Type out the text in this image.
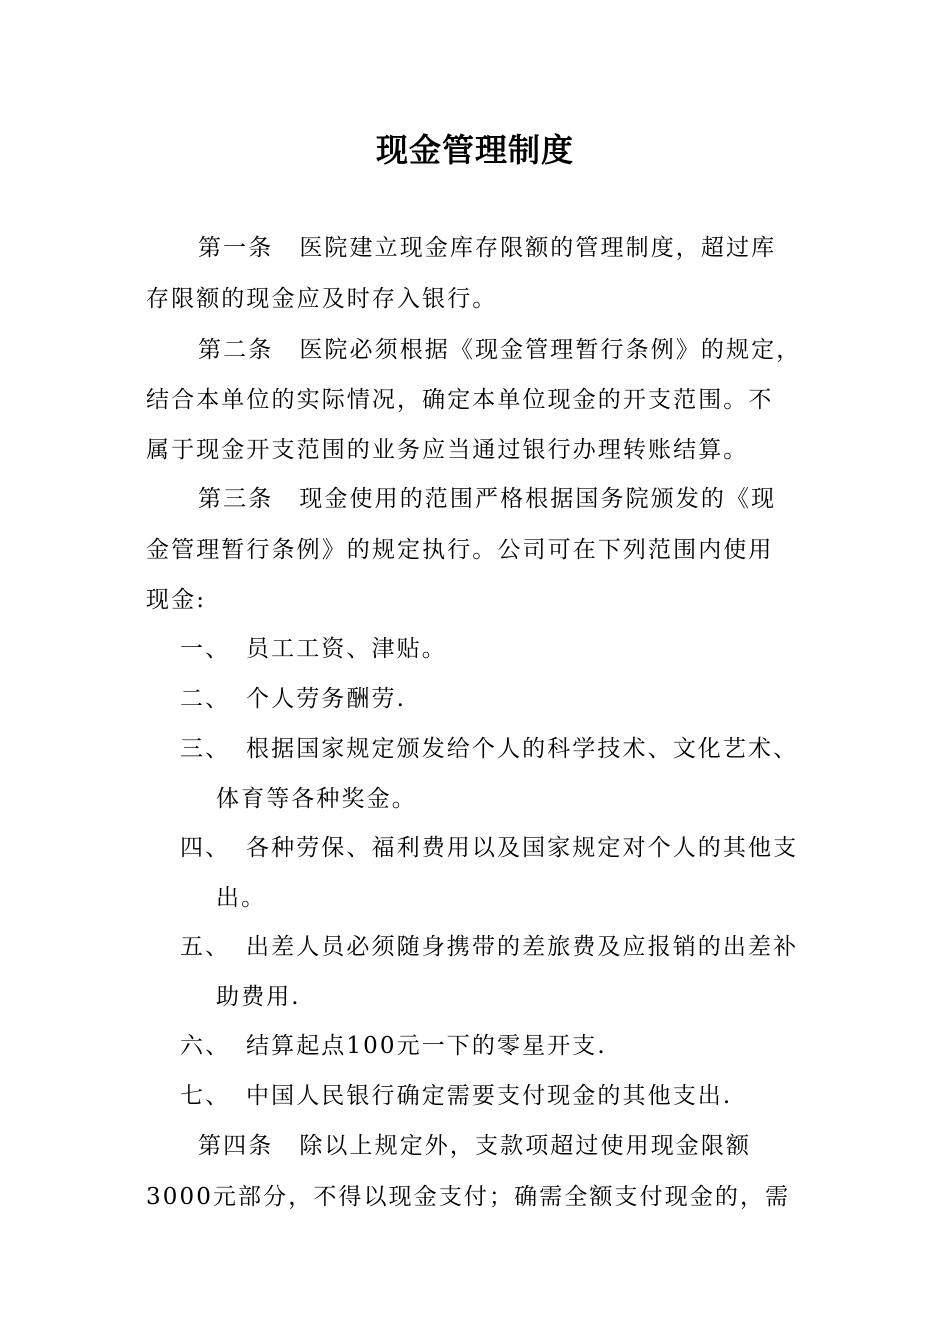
现金管理制度
第一条 医院建立现金库存限额的管理制度，超过库
存限额的现金应及时存入银行。
第二条 医院必须根据《现金管理暂行条例》的规定，
结合本单位的实际情况，确定本单位现金的开支范围。不
属于现金开支范围的业务应当通过银行办理转账结算。
第三条 现金使用的范围严格根据国务院颁发的《现
金管理暂行条例》的规定执行。公司可在下列范围内使用
现金:
一、 员工工资、津贴。
二、 个人劳务酬劳.
三、 根据国家规定颁发给个人的科学技术、文化艺术、
体育等各种奖金。
四、 各种劳保、福利费用以及国家规定对个人的其他支
出。
五、 出差人员必须随身携带的差旅费及应报销的出差补
助费用.
六、 结算起点100元一下的零星开支.
七、 中国人民银行确定需要支付现金的其他支出.
第四条 除以上规定外，支款项超过使用现金限额
3000元部分，不得以现金支付；确需全额支付现金的，需
